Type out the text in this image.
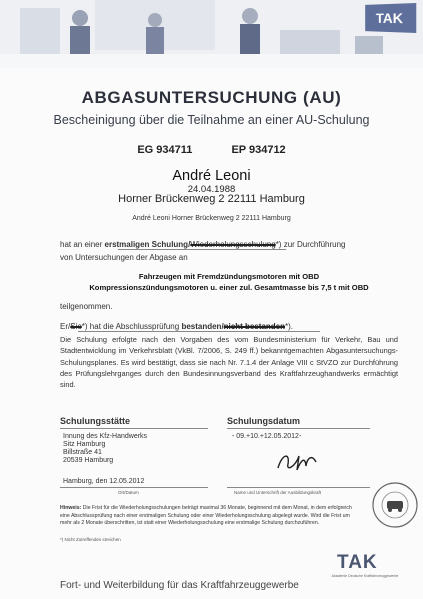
TAK
ABGASUNTERSUCHUNG (AU)
Bescheinigung über die Teilnahme an einer AU-Schulung
EG 934711	EP 934712
André Leoni
24.04.1988
Horner Brückenweg 2 22111 Hamburg
André Leoni Horner Brückenweg 2 22111 Hamburg
hat an einer erstmaligen Schulung/Wiederholungsschulung*) zur Durchführung
von Untersuchungen der Abgase an
Fahrzeugen mit Fremdzündungsmotoren mit OBD
Kompressionszündungsmotoren u. einer zul. Gesamtmasse bis 7,5 t mit OBD
teilgenommen.
Er/Sie*) hat die Abschlussprüfung bestanden/nicht bestanden*).
Die Schulung erfolgte nach den Vorgaben des vom Bundesministerium für Verkehr, Bau und Stadtentwicklung im Verkehrsblatt (VkBl. 7/2006, S. 249 ff.) bekanntgemachten Abgasuntersuchungs-Schulungsplanes. Es wird bestätigt, dass sie nach Nr. 7.1.4 der Anlage VIII c StVZO zur Durchführung des Prüfungslehrganges durch den Bundesinnungsverband des Kraftfahrzeughandwerks ermächtigt sind.
Schulungsstätte
Innung des Kfz-Handwerks
Sitz Hamburg
Billstraße 41
20539 Hamburg
Hamburg, den 12.05.2012
Ort/Datum
Schulungsdatum
- 09.+10.+12.05.2012-
Name und Unterschrift der Ausbildungskraft
Hinweis: Die Frist für die Wiederholungsschulungen beträgt maximal 36 Monate, beginnend mit dem Monat, in dem erfolgreich eine Abschlussprüfung nach einer erstmaligen Schulung oder einer Wiederholungsschulung abgelegt wurde. Wird die Frist um mehr als 2 Monate überschritten, ist statt einer Wiederholungsschulung eine erstmalige Schulung durchzuführen.
*) Nicht Zutreffendes streichen
TAK
Akademie Deutsche Kraftfahrzeuggewerbe
Fort- und Weiterbildung für das Kraftfahrzeuggewerbe
